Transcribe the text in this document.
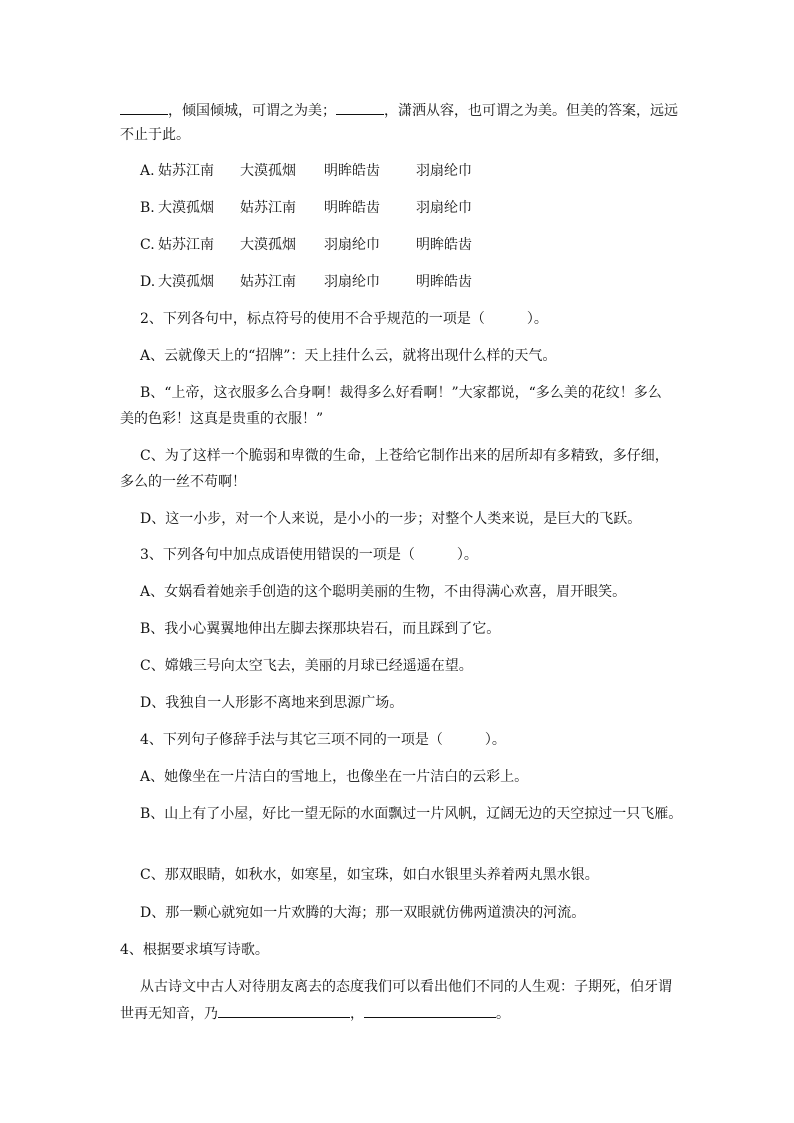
，倾国倾城，可谓之为美；	，潇洒从容，也可谓之为美。但美的答案，远远
不止于此。
A. 姑苏江南 大漠孤烟 明眸皓齿	羽扇纶巾
B. 大漠孤烟 姑苏江南 明眸皓齿	羽扇纶巾
C. 姑苏江南 大漠孤烟 羽扇纶巾	明眸皓齿
D. 大漠孤烟 姑苏江南 羽扇纶巾	明眸皓齿
2、下列各句中，标点符号的使用不合乎规范的一项是（　　　）。
A、云就像天上的“招牌”：天上挂什么云，就将出现什么样的天气。
B、“上帝，这衣服多么合身啊！裁得多么好看啊！”大家都说，“多么美的花纹！多么
美的色彩！这真是贵重的衣服！”
C、为了这样一个脆弱和卑微的生命，上苍给它制作出来的居所却有多精致，多仔细，
多么的一丝不苟啊！
D、这一小步，对一个人来说，是小小的一步；对整个人类来说，是巨大的飞跃。
3、下列各句中加点成语使用错误的一项是（　　　）。
A、女娲看着她亲手创造的这个聪明美丽的生物，不由得满心欢喜，眉开眼笑。
B、我小心翼翼地伸出左脚去探那块岩石，而且踩到了它。
C、嫦娥三号向太空飞去，美丽的月球已经遥遥在望。
D、我独自一人形影不离地来到思源广场。
4、下列句子修辞手法与其它三项不同的一项是（　　　）。
A、她像坐在一片洁白的雪地上，也像坐在一片洁白的云彩上。
B、山上有了小屋，好比一望无际的水面飘过一片风帆，辽阔无边的天空掠过一只飞雁。
C、那双眼睛，如秋水，如寒星，如宝珠，如白水银里头养着两丸黑水银。
D、那一颗心就宛如一片欢腾的大海；那一双眼就仿佛两道溃决的河流。
4、根据要求填写诗歌。
从古诗文中古人对待朋友离去的态度我们可以看出他们不同的人生观：子期死，伯牙谓
世再无知音，乃	，	。
